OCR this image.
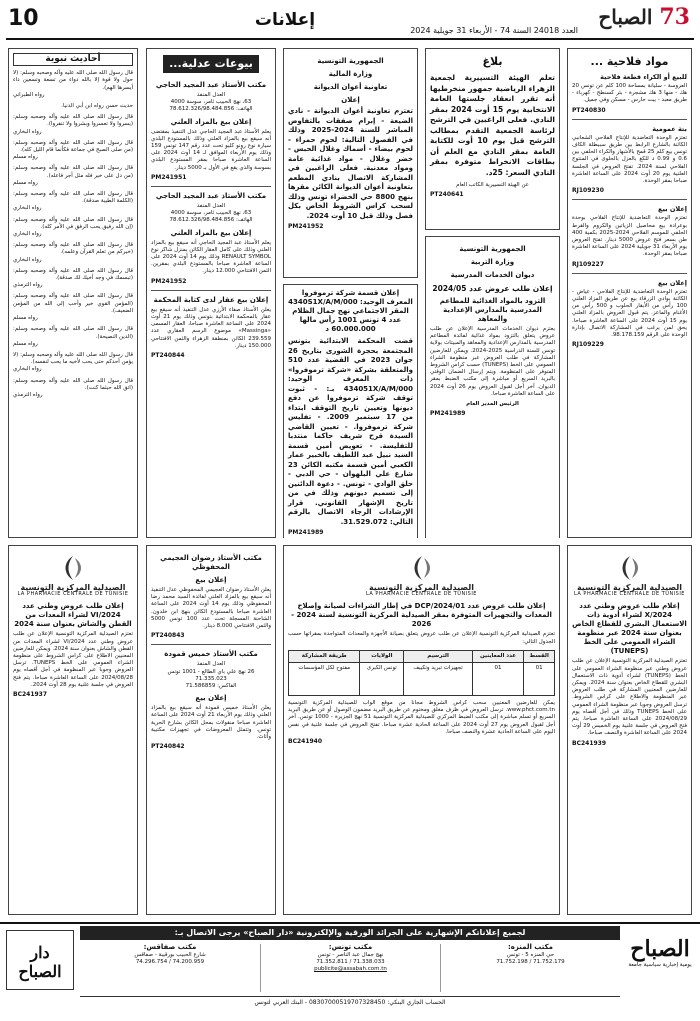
10	إعلانات	73 الصباح
العدد 24018 السنة 74 - الأربعاء 31 جويلية 2024
مواد فلاحية ...
للبيع أو الكراء قطعة فلاحية
العروسة - سليانة بمساحة 100 كلم عن تونس 20 هك - منها 3 هك مشجرة - بئر كسنطح - كهرباء - طريق معبد - بيت حارس - مسكن وفي جميل.
PT240830
بتة عمومية
تعتزم الوحدة التعاضدية للإنتاج الفلاحي الشعانبي الكائنة بالشارع الرابط بين طريق سبيطلة الكاف تونس بيع كلم 25 قمح بالأشهار والكراء الحلفي بين 0.6 و 0.99 د للكغ بالعزل بالحلوى في المنتوج الفلاحي لسنة 2024. تفتح العروض في الجلسة العلنية يوم 20 أوت 2024 على الساعة العاشرة صباحا بمقر الوحدة.
RJ109230
إعلان بيع
تعتزم الوحدة التعاضدية للإنتاج الفلاحي بوحدة بوعرادة بيع محاصيل الزياتين والكروم والقرط الحلفي للموسم الفلاحي 2024-2025 بكمية 400 طن بسعر فتح عروض 5000 دينار. تفتح العروض يوم الأربعاء 31 جويلية 2024 على الساعة العاشرة صباحا بمقر الوحدة.
RJ109227
إعلان بيع
تعتزم الوحدة التعاضدية للإنتاج الفلاحي - عياض - الكائنة بوادي الزرقاء بيع عن طريق المزاد العلني 100 رأس من الأبقار الحلوب و 500 رأس من الأغنام والماعز. يتم قبول العروض بالمزاد العلني يوم 15 أوت 2024 على الساعة العاشرة صباحا. يحق لمن يرغب في المشاركة الاتصال بإدارة الوحدة على الرقم 98.178.159.
RJ109229
بلاغ
تعلم الهيئة التسييرية لجمعية الزهراء الرياضية جمهور منخرطيها أنه تقرر انعقاد جلستها العامة الانتخابية يوم 15 أوت 2024 بمقر النادي. فعلى الراغبين في الترشح لرئاسة الجمعية التقدم بمطالب الترشح قبل يوم 10 أوت للكتابة العامة بمقر النادي مع العلم أن بطاقات الانخراط متوفرة بمقر النادي السعر: 25د.
عن الهيئة التسييرية الكاتب العام
PT240641
الجمهورية التونسية
وزارة التربية
ديوان الخدمات المدرسية
إعلان طلب عروض عدد 2024/05
التزود بالمواد الغذائية للمطاعم المدرسية بالمدارس الإعدادية والمعاهد
يعتزم ديوان الخدمات المدرسية الإعلان عن طلب عروض يتعلق بالتزود بمواد غذائية لفائدة المطاعم المدرسية بالمدارس الإعدادية والمعاهد والمبيتات بولاية تونس للسنة الدراسية 2025-2024. ويمكن للعارضين المشاركة في طلب العروض عبر منظومة الشراء العمومي على الخط (TUNEPS) حسب كراس الشروط المتوفر على المنظومة. ويتم إرسال الضمان الوقتي بالبريد السريع أو مباشرة إلى مكتب الضبط بمقر الديوان. آخر أجل لقبول العروض يوم 26 أوت 2024 على الساعة العاشرة صباحا.
الرئيس المدير العام
PM241989
الجمهورية التونسية
وزارة المالية
تعاونية أعوان الديوانة
إعلان
تعتزم تعاونية أعوان الديوانة - نادي الضيعة - إبرام صفقات بالتفاوض المباشر للسنة 2024-2025 وذلك في الفصول التالية: لحوم حمراء - لحوم بيضاء - أسماك وغلال الحبس - خضر وغلال - مواد غذائية عامة ومواد معدنية. فعلى الراغبين في المشاركة الاتصال بنادي المطعم بتعاونية أعوان الديوانة الكائن مقرها بنهج 8800 حي الخضراء تونس وذلك لسحب كراس الشروط الخاص بكل فصل وذلك قبل 10 أوت 2024.
PM241952
إعلان قسمة شركة ترموفروا
المعرف الوحيد: 4340S1X/A/M/000
المقر الاجتماعي نهج جمال الظلام عدد 4 تونس 1001 رأس مالها 60.000.000 د
قضت المحكمة الابتدائية بتونس المجتمعة بحجرة الشورى بتاريخ 26 جوان 2023 في القضية عدد 510 والمتعلقة بشركة «شركة ترموفروا» ذات المعرف الوحيد: 434051X/A/M/000 بـ: - ثبوت توقف شركة ترموفروا عن دفع ديونها وتعيين تاريخ التوقف ابتداء من 17 سبتمبر 2009. - تفليس شركة ترموفروا. - تعيين القاضي السيدة قرح شريف حاكما منتدبا للتفليسة. - تعويض أمين قسمة السيد نبيل عبد اللطيف بالخبير عمار الكعبي أمين قسمة مكتبه الكائن 23 شارع علي البلهوان - حي الدبي - حلق الوادي - تونس. - دعوة الدائنين إلى تسميم ديونهم وذلك في من تاريخ الإشهار القانوني. قرار الإرشادات الرجاء الاتصال بالرقم التالي: 31.529.072.
PM241989
بيوعات عدلية...
مكتب الأستاذ عبد المجيد الحاجي
العدل المنفذ
63، نهج الحبيب ثامر، سوسة 4000
الهاتف: 78.612.326/98.484.856
إعلان بيع بالمزاد العلني
يعلم الأستاذ عبد المجيد الحاجي عدل التنفيذ بمقتضى أنه سيقع بيع بالمزاد العلني وذلك بالمستودع البلدي سيارة نوع رونو كليو تحت عدد رقم 147 تونس 159 وذلك يوم الأربعاء الموافق لـ 14 أوت 2024 على الساعة العاشرة صباحا بمقر المستودع البلدي بسوسة والذي يقع في الأول بـ 5000 دينار.
PM241951
مكتب الأستاذ عبد المجيد الحاجي
العدل المنفذ
63، نهج الحبيب ثامر، سوسة 4000
الهاتف: 78.612.326/98.484.856
إعلان بيع بالمزاد العلني
يعلم الأستاذ عبد المجيد الحاجي أنه سيقع بيع بالمزاد العلني وذلك على كامل العقار الكائن بمنزل شاكر نوع RENAULT SYMBOL وذلك يوم 14 أوت 2024 على الساعة العاشرة صباحا بالمستودع البلدي بمقرين. الثمن الافتتاحي 12.000 دينار.
PM241952
إعلان بيع عقار لدى كتابة المحكمة
يعلن الأستاذ صفاء الأرزي عدل التنفيذ أنه سيقع بيع عقار بالمحكمة الابتدائية بتونس وذلك يوم 21 أوت 2024 على الساعة العاشرة صباحا، العقار المسمى «Massinga» موضوع الرسم العقاري عدد 239.559 الكائن بمنطقة الزهراء والثمن الافتتاحي 150.000 دينار.
PT240844
أحاديث نبوية
قال رسول الله صلى الله عليه وآله وصحبه وسلم: (لا حول ولا قوة إلا بالله دواء من تسعة وتسعين داء أيسرها الهم).
رواه الطبراني
حديث حسن رواه ابن أبي الدنيا.
قال رسول الله صلى الله عليه وآله وصحبه وسلم: (يسروا ولا تعسروا وبشروا ولا تنفروا).
رواه البخاري
قال رسول الله صلى الله عليه وآله وصحبه وسلم: (من صلى الصبح في جماعة فكأنما قام الليل كله).
رواه مسلم
قال رسول الله صلى الله عليه وآله وصحبه وسلم: (من دل على خير فله مثل أجر فاعله).
رواه مسلم
قال رسول الله صلى الله عليه وآله وصحبه وسلم: (الكلمة الطيبة صدقة).
رواه البخاري
قال رسول الله صلى الله عليه وآله وصحبه وسلم: (إن الله رفيق يحب الرفق في الأمر كله).
رواه البخاري
قال رسول الله صلى الله عليه وآله وصحبه وسلم: (خيركم من تعلم القرآن وعلمه).
رواه البخاري
قال رسول الله صلى الله عليه وآله وصحبه وسلم: (تبسمك في وجه أخيك لك صدقة).
رواه الترمذي
قال رسول الله صلى الله عليه وآله وصحبه وسلم: (المؤمن القوي خير وأحب إلى الله من المؤمن الضعيف).
رواه مسلم
قال رسول الله صلى الله عليه وآله وصحبه وسلم: (الدين النصيحة).
رواه مسلم
قال رسول الله صلى الله عليه وآله وصحبه وسلم: (لا يؤمن أحدكم حتى يحب لأخيه ما يحب لنفسه).
رواه البخاري
قال رسول الله صلى الله عليه وآله وصحبه وسلم: (اتق الله حيثما كنت).
رواه الترمذي
الصيدلية المركزية التونسية
LA PHARMACIE CENTRALE DE TUNISIE
إعلام طلب عروض وطني عدد 2024/X لشراء أدوية ذات الاستعمال البشري للقطاع الخاص بعنوان سنة 2024 عبر منظومة الشراء العمومي على الخط (TUNEPS)
تعتزم الصيدلية المركزية التونسية الإعلان عن طلب عروض وطني عبر منظومة الشراء العمومي على الخط (TUNEPS) لشراء أدوية ذات الاستعمال البشري للقطاع الخاص بعنوان سنة 2024. ويمكن للعارضين المعنيين المشاركة في طلب العروض عبر المنظومة والاطلاع على كراس الشروط. ترسل العروض وجوبا عبر منظومة الشراء العمومي على الخط TUNEPS وذلك في أجل أقصاه يوم 2024/08/29 على الساعة العاشرة صباحا. يتم فتح العروض في جلسة علنية يوم الخميس 29 أوت 2024 على الساعة العاشرة والنصف صباحا.
BC241939
الصيدلية المركزية التونسية
LA PHARMACIE CENTRALE DE TUNISIE
إعلان طلب عروض عدد 2024/01/DCP في إطار الشراءات لصيانة وإصلاح المعدات والتجهيزات المتوفرة بمقر الصيدلية المركزية التونسية لسنة 2024 - 2026
تعتزم الصيدلية المركزية التونسية الإعلان عن طلب عروض يتعلق بصيانة الأجهزة والمعدات المتواجدة بمقراتها حسب الجدول التالي:
القسط	عدد المعاينين	الترسيم	الولايات	طريقة المشاركة
01	01	تجهيزات تبريد وتكييف	تونس الكبرى	مفتوح لكل المؤسسات
يمكن للعارضين المعنيين سحب كراس الشروط مجانا من موقع الواب للصيدلية المركزية التونسية www.phct.com.tn. ترسل العروض في ظرف مغلق ومختوم عن طريق البريد مضمون الوصول أو عن طريق البريد السريع أو تسلم مباشرة إلى مكتب الضبط المركزي للصيدلية المركزية التونسية 51 نهج الجزيرة - 1000 تونس. آخر أجل لقبول العروض يوم 27 أوت 2024 على الساعة الحادية عشرة صباحا. تفتح العروض في جلسة علنية في نفس اليوم على الساعة الحادية عشرة والنصف صباحا.
BC241940
مكتب الأستاذ رضوان العجيمي المحفوظي
إعلان بيع
يعلن الأستاذ رضوان العجيمي المحفوظي عدل التنفيذ أنه سيقع بيع بالمزاد العلني لفائدة السيد محمد رضا المحفوظي وذلك يوم 14 أوت 2024 على الساعة العاشرة صباحا بالمستودع الكائن بنهج ابن خلدون. الشاحنة المسجلة تحت عدد 100 تونس 5000 والثمن الافتتاحي 8.000 دينار.
PT240843
مكتب الأستاذ خميس قمودة
العدل المنفذ
26 نهج علي باي الطالع - 1001 تونس
71.335.023
الفاكس: 71.586859
إعلان بيع
يعلن الأستاذ خميس قمودة أنه سيقع بيع بالمزاد العلني وذلك يوم الأربعاء 21 أوت 2024 على الساعة العاشرة صباحا منقولات بمحل الكائن بشارع الحرية تونس. وتتمثل المعروضات في تجهيزات مكتبية وأثاث.
PT240842
الصيدلية المركزية التونسية
LA PHARMACIE CENTRALE DE TUNISIE
إعلان طلب عروض وطني عدد 2024/VI لشراء المعدات من القطن والشاش بعنوان سنة 2024
تعتزم الصيدلية المركزية التونسية الإعلان عن طلب عروض وطني عدد 2024/VI لشراء المعدات من القطن والشاش بعنوان سنة 2024. ويمكن للعارضين المعنيين الاطلاع على كراس الشروط على منظومة الشراء العمومي على الخط TUNEPS. ترسل العروض وجوبا عبر المنظومة في أجل أقصاه يوم 2024/08/28 على الساعة العاشرة صباحا. يتم فتح العروض في جلسة علنية يوم 28 أوت 2024.
BC241937
لجميع إعلاناتكم الإشهارية على الجرائد الورقية والإلكترونية «دار الصباح» يرجى الاتصال بـ:
مكتب المنزه:
حي المنزه 5 - تونس
71.752.179 / 71.752.198
مكتب تونس:
نهج جمال عبد الناصر - تونس
71.338.033 / 71.352.811
publicite@assabah.com.tn
مكتب صفاقس:
شارع الحبيب بورقيبة - صفاقس
74.200.959 / 74.296.754
الحساب الجاري البنكي: 08307000519707328450 - البنك العربي لتونس
دار الصباح
الصباح
يومية إخبارية سياسية جامعة
